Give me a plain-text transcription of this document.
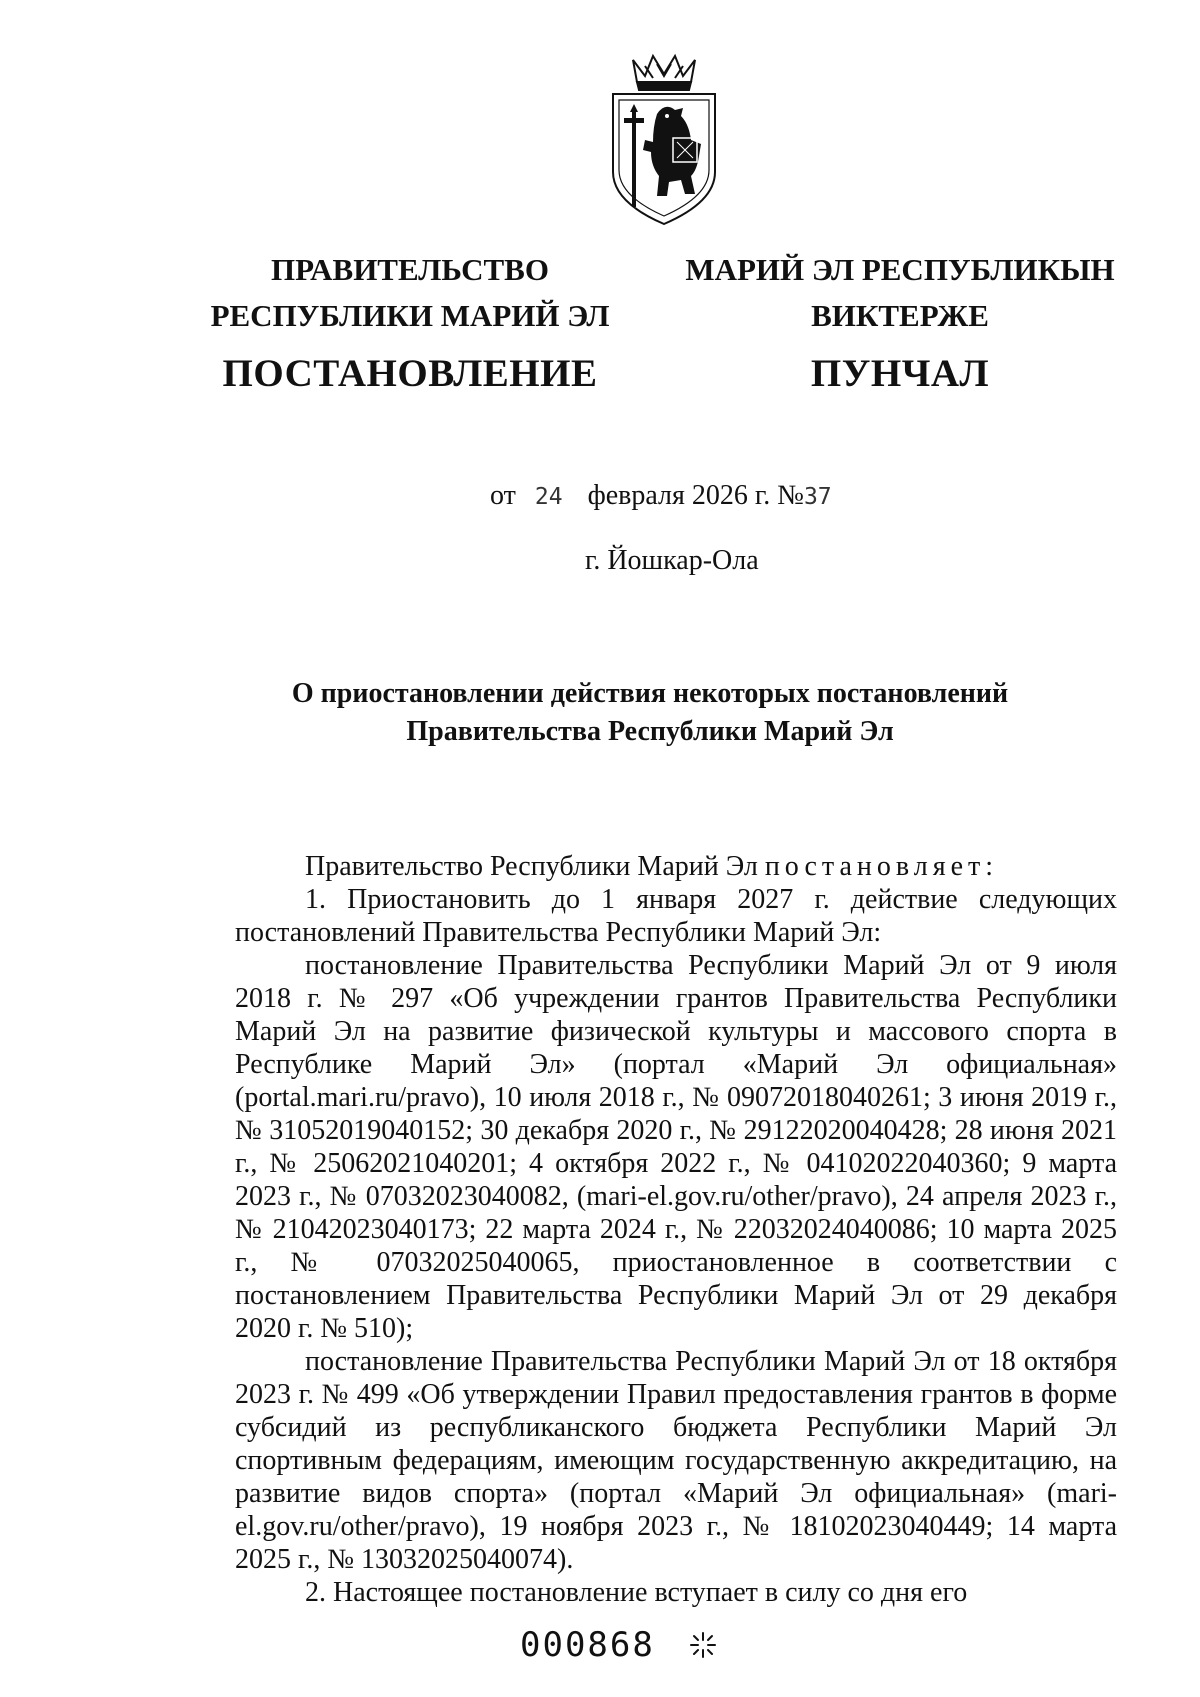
ПРАВИТЕЛЬСТВО
РЕСПУБЛИКИ МАРИЙ ЭЛ
ПОСТАНОВЛЕНИЕ
МАРИЙ ЭЛ РЕСПУБЛИКЫН
ВИКТЕРЖЕ
ПУНЧАЛ
от 24 февраля 2026 г. №37
г. Йошкар-Ола
О приостановлении действия некоторых постановлений
Правительства Республики Марий Эл

Правительство Республики Марий Эл постановляет:

1. Приостановить до 1 января 2027 г. действие следующих постановлений Правительства Республики Марий Эл:

постановление Правительства Республики Марий Эл от 9 июля 2018 г. № 297 «Об учреждении грантов Правительства Республики Марий Эл на развитие физической культуры и массового спорта в Республике Марий Эл» (портал «Марий Эл официальная» (portal.mari.ru/pravo), 10 июля 2018 г., № 09072018040261; 3 июня 2019 г., № 31052019040152; 30 декабря 2020 г., № 29122020040428; 28 июня 2021 г., № 25062021040201; 4 октября 2022 г., № 04102022040360; 9 марта 2023 г., № 07032023040082, (mari-el.gov.ru/other/pravo), 24 апреля 2023 г., № 21042023040173; 22 марта 2024 г., № 22032024040086; 10 марта 2025 г., № 07032025040065, приостановленное в соответствии с постановлением Правительства Республики Марий Эл от 29 декабря 2020 г. № 510);

постановление Правительства Республики Марий Эл от 18 октября 2023 г. № 499 «Об утверждении Правил предоставления грантов в форме субсидий из республиканского бюджета Республики Марий Эл спортивным федерациям, имеющим государственную аккредитацию, на развитие видов спорта» (портал «Марий Эл официальная» (mari-el.gov.ru/other/pravo), 19 ноября 2023 г., № 18102023040449; 14 марта 2025 г., № 13032025040074).

2. Настоящее постановление вступает в силу со дня его

000868
